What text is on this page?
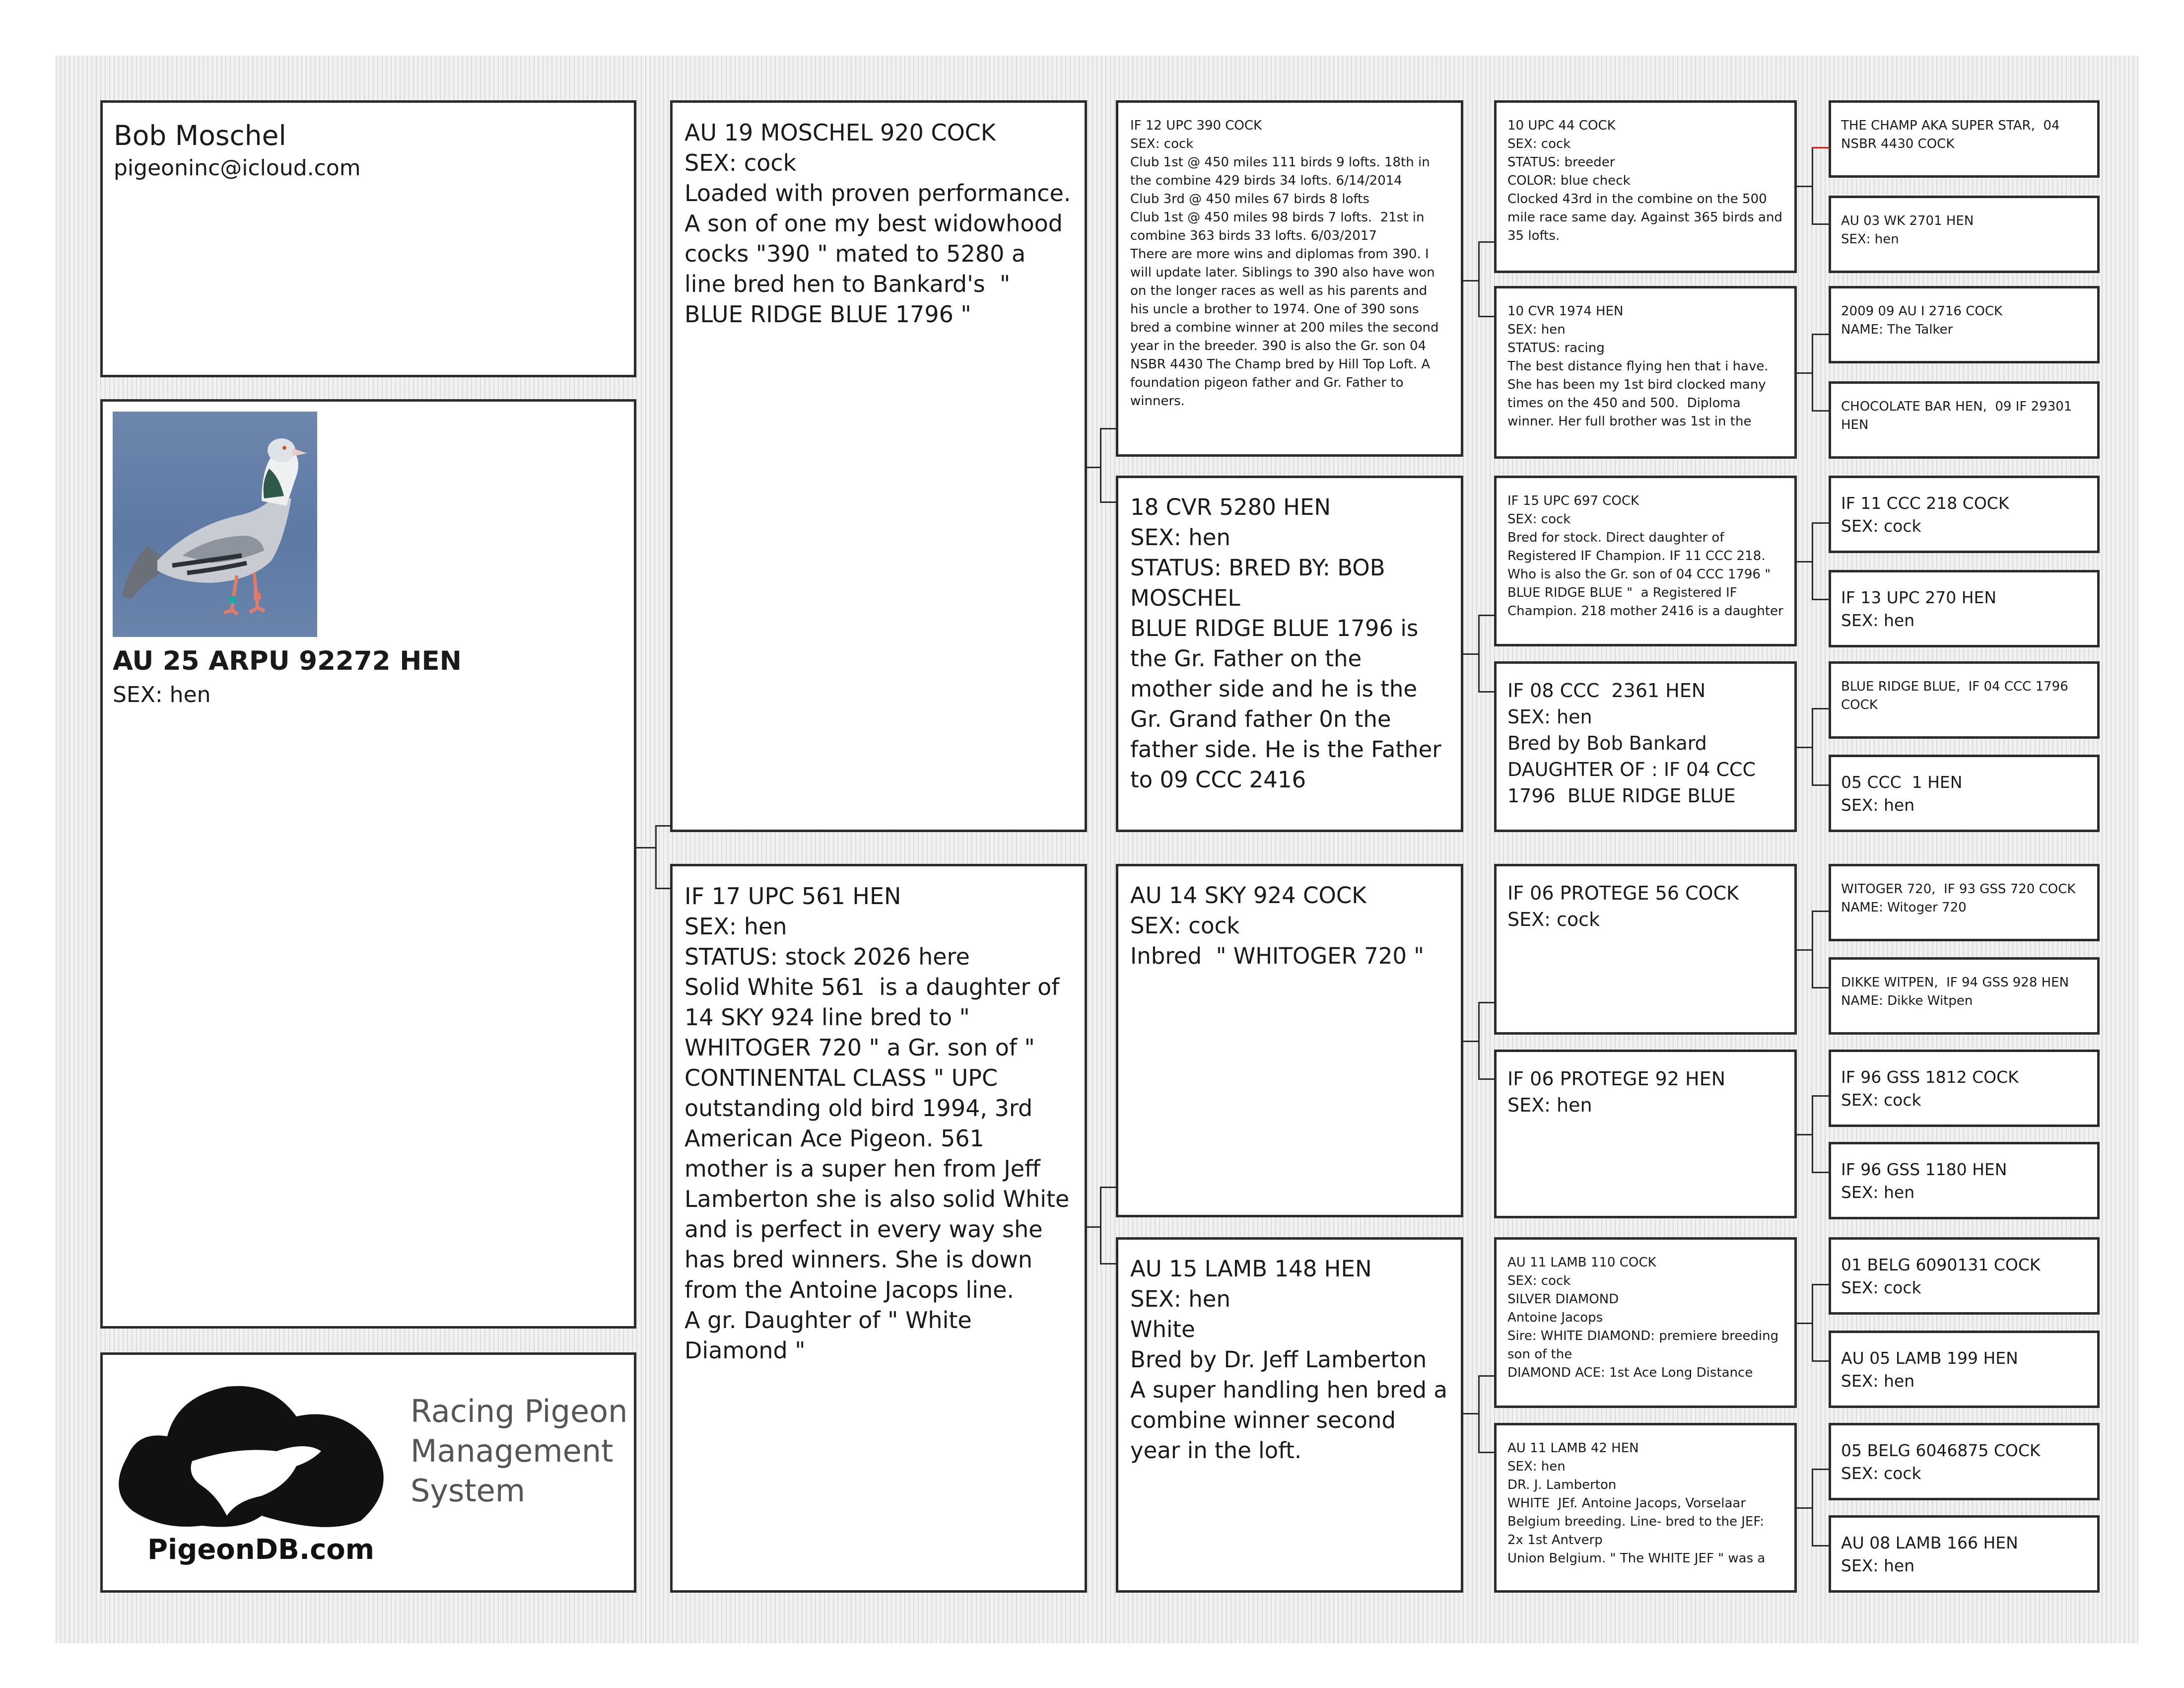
Bob Moschel
pigeoninc@icloud.com
AU 25 ARPU 92272 HEN
SEX: hen
Racing Pigeon
Management
System
PigeonDB.com
AU 19 MOSCHEL 920 COCK
SEX: cock
Loaded with proven performance. A son of one my best widowhood cocks "390 " mated to 5280 a line bred hen to Bankard's  " BLUE RIDGE BLUE 1796 "
IF 17 UPC 561 HEN
SEX: hen
STATUS: stock 2026 here
Solid White 561  is a daughter of 14 SKY 924 line bred to " WHITOGER 720 " a Gr. son of " CONTINENTAL CLASS " UPC outstanding old bird 1994, 3rd American Ace Pigeon. 561 mother is a super hen from Jeff Lamberton she is also solid White and is perfect in every way she has bred winners. She is down from the Antoine Jacops line.
A gr. Daughter of " White Diamond "
IF 12 UPC 390 COCK
SEX: cock
Club 1st @ 450 miles 111 birds 9 lofts. 18th in the combine 429 birds 34 lofts. 6/14/2014
Club 3rd @ 450 miles 67 birds 8 lofts
Club 1st @ 450 miles 98 birds 7 lofts.  21st in combine 363 birds 33 lofts. 6/03/2017
There are more wins and diplomas from 390. I will update later. Siblings to 390 also have won on the longer races as well as his parents and his uncle a brother to 1974. One of 390 sons bred a combine winner at 200 miles the second year in the breeder. 390 is also the Gr. son 04 NSBR 4430 The Champ bred by Hill Top Loft. A foundation pigeon father and Gr. Father to winners.
18 CVR 5280 HEN
SEX: hen
STATUS: BRED BY: BOB MOSCHEL
BLUE RIDGE BLUE 1796 is the Gr. Father on the mother side and he is the Gr. Grand father 0n the father side. He is the Father to 09 CCC 2416
AU 14 SKY 924 COCK
SEX: cock
Inbred  " WHITOGER 720 "
AU 15 LAMB 148 HEN
SEX: hen
White
Bred by Dr. Jeff Lamberton
A super handling hen bred a combine winner second year in the loft.
10 UPC 44 COCK
SEX: cock
STATUS: breeder
COLOR: blue check
Clocked 43rd in the combine on the 500 mile race same day. Against 365 birds and 35 lofts.
10 CVR 1974 HEN
SEX: hen
STATUS: racing
The best distance flying hen that i have. She has been my 1st bird clocked many times on the 450 and 500.  Diploma winner. Her full brother was 1st in the
IF 15 UPC 697 COCK
SEX: cock
Bred for stock. Direct daughter of Registered IF Champion. IF 11 CCC 218. Who is also the Gr. son of 04 CCC 1796 " BLUE RIDGE BLUE "  a Registered IF Champion. 218 mother 2416 is a daughter
IF 08 CCC  2361 HEN
SEX: hen
Bred by Bob Bankard
DAUGHTER OF : IF 04 CCC 1796  BLUE RIDGE BLUE
IF 06 PROTEGE 56 COCK
SEX: cock
IF 06 PROTEGE 92 HEN
SEX: hen
AU 11 LAMB 110 COCK
SEX: cock
SILVER DIAMOND
Antoine Jacops
Sire: WHITE DIAMOND: premiere breeding son of the
DIAMOND ACE: 1st Ace Long Distance
AU 11 LAMB 42 HEN
SEX: hen
DR. J. Lamberton
WHITE  JEf. Antoine Jacops, Vorselaar Belgium breeding. Line- bred to the JEF: 2x 1st Antverp
Union Belgium. " The WHITE JEF " was a
THE CHAMP AKA SUPER STAR,  04 NSBR 4430 COCK
AU 03 WK 2701 HEN
SEX: hen
2009 09 AU I 2716 COCK
NAME: The Talker
CHOCOLATE BAR HEN,  09 IF 29301 HEN
IF 11 CCC 218 COCK
SEX: cock
IF 13 UPC 270 HEN
SEX: hen
BLUE RIDGE BLUE,  IF 04 CCC 1796 COCK
05 CCC  1 HEN
SEX: hen
WITOGER 720,  IF 93 GSS 720 COCK
NAME: Witoger 720
DIKKE WITPEN,  IF 94 GSS 928 HEN
NAME: Dikke Witpen
IF 96 GSS 1812 COCK
SEX: cock
IF 96 GSS 1180 HEN
SEX: hen
01 BELG 6090131 COCK
SEX: cock
AU 05 LAMB 199 HEN
SEX: hen
05 BELG 6046875 COCK
SEX: cock
AU 08 LAMB 166 HEN
SEX: hen
